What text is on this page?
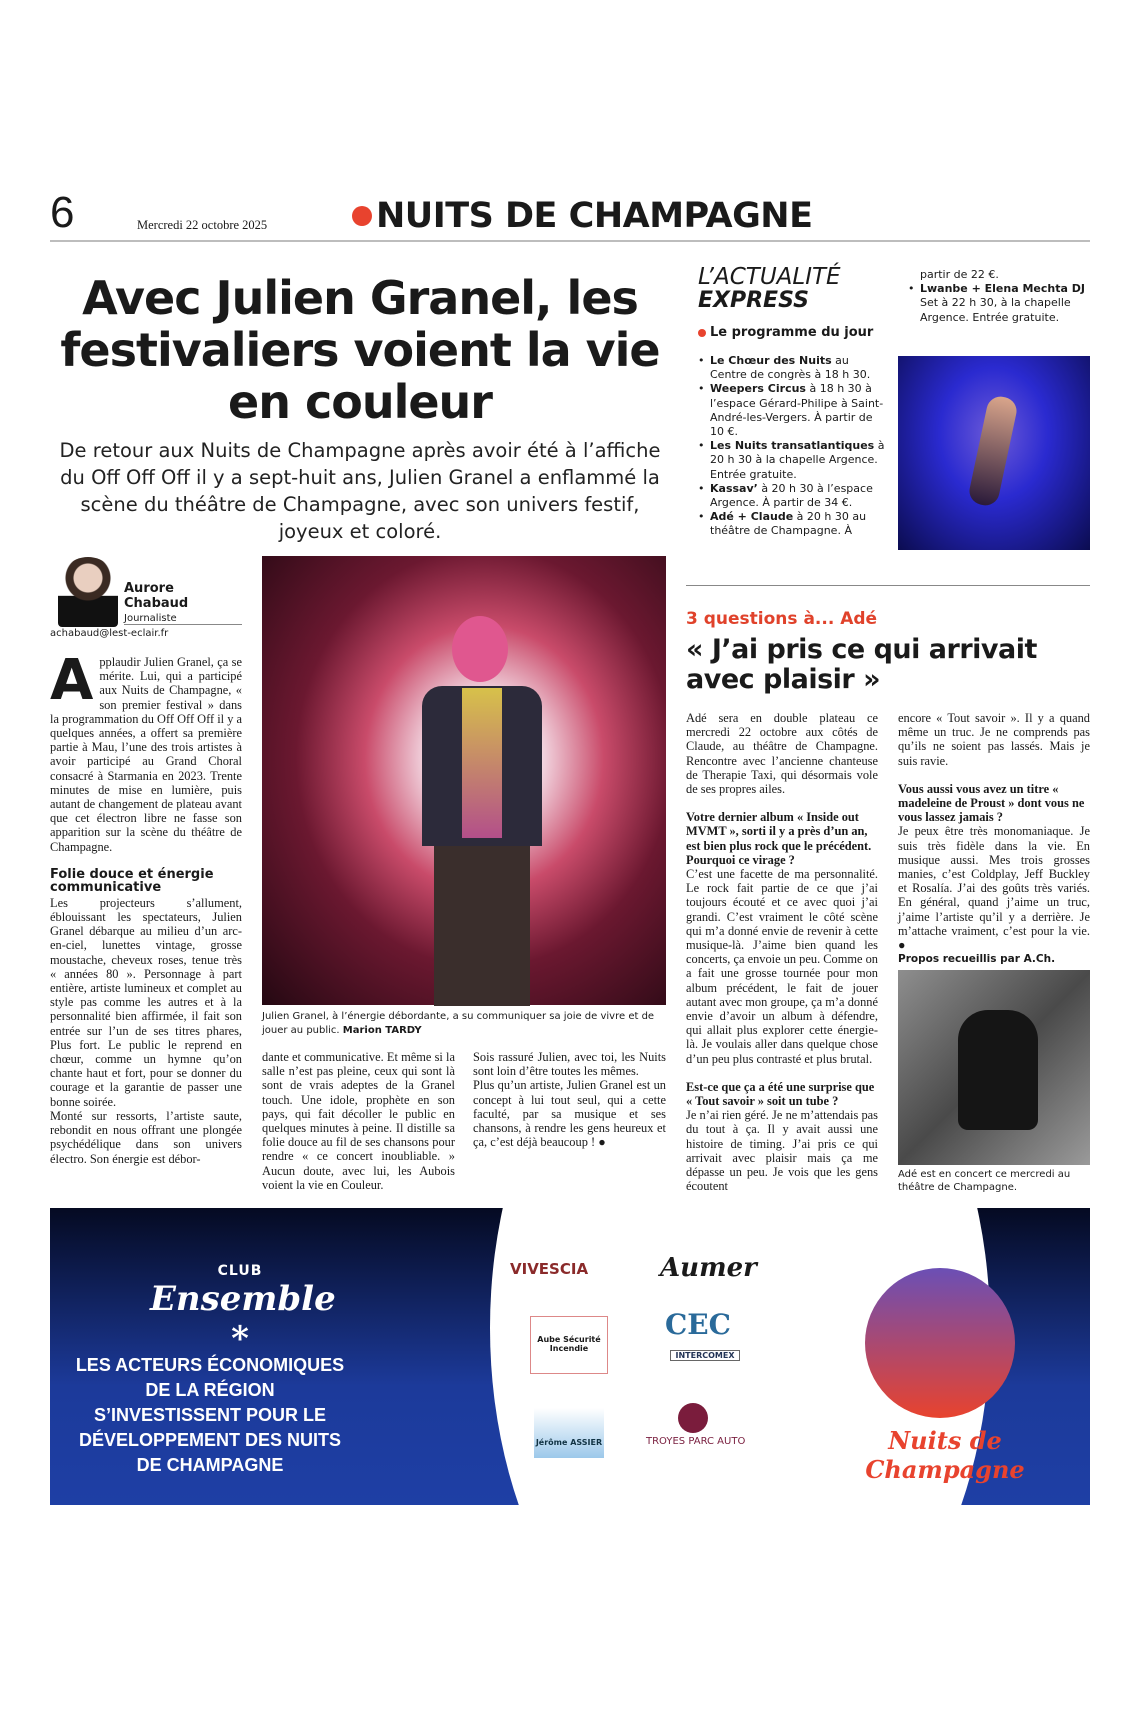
6	Mercredi 22 octobre 2025	NUITS DE CHAMPAGNE
Avec Julien Granel, les festivaliers voient la vie en couleur

De retour aux Nuits de Champagne après avoir été à l’affiche du Off Off Off il y a sept-huit ans, Julien Granel a enflammé la scène du théâtre de Champagne, avec son univers festif, joyeux et coloré.

Aurore Chabaud
Journaliste
achabaud@lest-eclair.fr

Applaudir Julien Granel, ça se mérite. Lui, qui a participé aux Nuits de Champagne, « son premier festival » dans la programmation du Off Off Off il y a quelques années, a offert sa première partie à Mau, l’une des trois artistes à avoir participé au Grand Choral consacré à Starmania en 2023. Trente minutes de mise en lumière, puis autant de changement de plateau avant que cet électron libre ne fasse son apparition sur la scène du théâtre de Champagne.

Folie douce et énergie communicative

Les projecteurs s’allument, éblouissant les spectateurs, Julien Granel débarque au milieu d’un arc-en-ciel, lunettes vintage, grosse moustache, cheveux roses, tenue très « années 80 ». Personnage à part entière, artiste lumineux et complet au style pas comme les autres et à la personnalité bien affirmée, il fait son entrée sur l’un de ses titres phares, Plus fort. Le public le reprend en chœur, comme un hymne qu’on chante haut et fort, pour se donner du courage et la garantie de passer une bonne soirée.

Monté sur ressorts, l’artiste saute, rebondit en nous offrant une plongée psychédélique dans son univers électro. Son énergie est débor-

Julien Granel, à l’énergie débordante, a su communiquer sa joie de vivre et de jouer au public. Marion TARDY

dante et communicative. Et même si la salle n’est pas pleine, ceux qui sont là sont de vrais adeptes de la Granel touch. Une idole, prophète en son pays, qui fait décoller le public en quelques minutes à peine. Il distille sa folie douce au fil de ses chansons pour rendre « ce concert inoubliable. » Aucun doute, avec lui, les Aubois voient la vie en Couleur.

Sois rassuré Julien, avec toi, les Nuits sont loin d’être toutes les mêmes.

Plus qu’un artiste, Julien Granel est un concept à lui tout seul, qui a cette faculté, par sa musique et ses chansons, à rendre les gens heureux et ça, c’est déjà beaucoup ! ●

L’ACTUALITÉ
EXPRESS
Le programme du jour
• Le Chœur des Nuits au Centre de congrès à 18 h 30.
• Weepers Circus à 18 h 30 à l’espace Gérard-Philipe à Saint-André-les-Vergers. À partir de 10 €.
• Les Nuits transatlantiques à 20 h 30 à la chapelle Argence. Entrée gratuite.
• Kassav’ à 20 h 30 à l’espace Argence. À partir de 34 €.
• Adé + Claude à 20 h 30 au théâtre de Champagne. À
partir de 22 €.
• Lwanbe + Elena Mechta DJ
Set à 22 h 30, à la chapelle Argence. Entrée gratuite.
3 questions à... Adé
« J’ai pris ce qui arrivait avec plaisir »

Adé sera en double plateau ce mercredi 22 octobre aux côtés de Claude, au théâtre de Champagne. Rencontre avec l’ancienne chanteuse de Therapie Taxi, qui désormais vole de ses propres ailes.

Votre dernier album « Inside out MVMT », sorti il y a près d’un an, est bien plus rock que le précédent. Pourquoi ce virage ?

C’est une facette de ma personnalité. Le rock fait partie de ce que j’ai toujours écouté et ce avec quoi j’ai grandi. C’est vraiment le côté scène qui m’a donné envie de revenir à cette musique-là. J’aime bien quand les concerts, ça envoie un peu. Comme on a fait une grosse tournée pour mon album précédent, le fait de jouer autant avec mon groupe, ça m’a donné envie d’avoir un album à défendre, qui allait plus explorer cette énergie-là. Je voulais aller dans quelque chose d’un peu plus contrasté et plus brutal.

Est-ce que ça a été une surprise que « Tout savoir » soit un tube ?

Je n’ai rien géré. Je ne m’attendais pas du tout à ça. Il y avait aussi une histoire de timing. J’ai pris ce qui arrivait avec plaisir mais ça me dépasse un peu. Je vois que les gens écoutent

encore « Tout savoir ». Il y a quand même un truc. Je ne comprends pas qu’ils ne soient pas lassés. Mais je suis ravie.

Vous aussi vous avez un titre « madeleine de Proust » dont vous ne vous lassez jamais ?

Je peux être très monomaniaque. Je suis très fidèle dans la vie. En musique aussi. Mes trois grosses manies, c’est Coldplay, Jeff Buckley et Rosalía. J’ai des goûts très variés. En général, quand j’aime un truc, j’aime l’artiste qu’il y a derrière. Je m’attache vraiment, c’est pour la vie. ●

Propos recueillis par A.Ch.

Adé est en concert ce mercredi au théâtre de Champagne.
CLUB
Ensemble *
LES ACTEURS ÉCONOMIQUES DE LA RÉGION S’INVESTISSENT POUR LE DÉVELOPPEMENT DES NUITS DE CHAMPAGNE
VIVESCIA	Aumer
Aube Sécurité Incendie
CEC
INTERCOMEX
Jérôme ASSIER	TROYES PARC AUTO	Nuits de Champagne
